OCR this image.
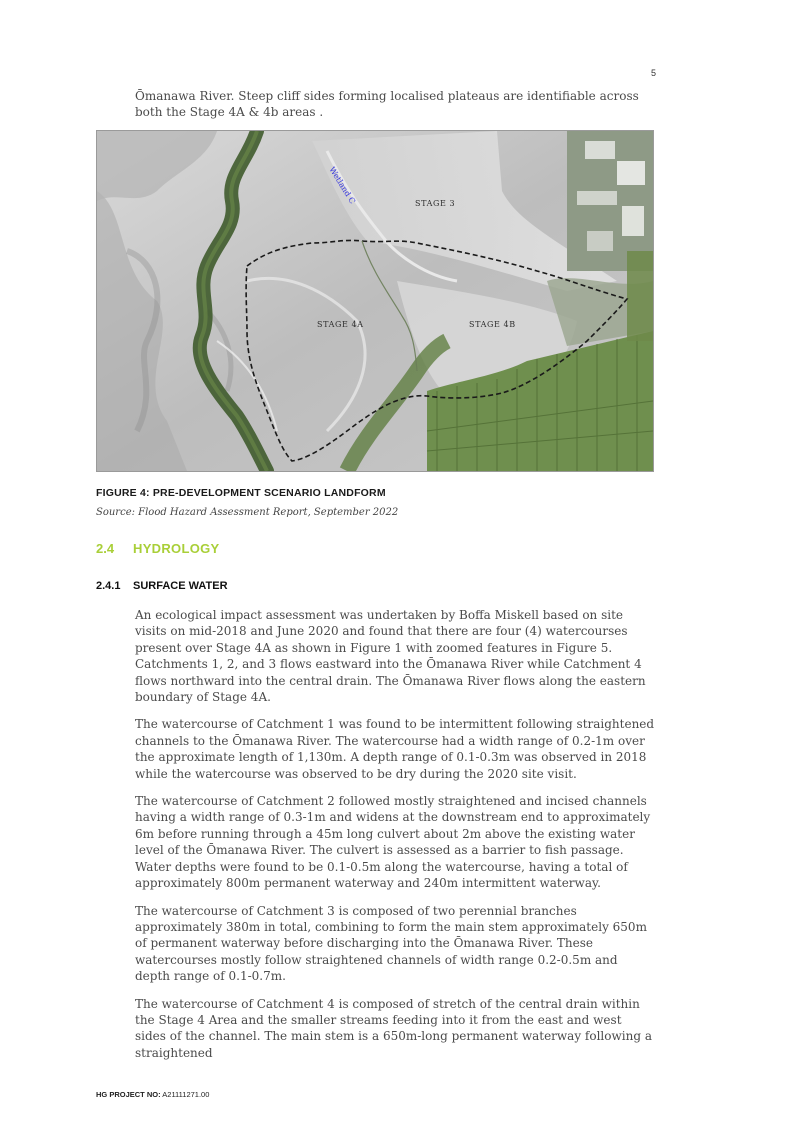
5
Ōmanawa River. Steep cliff sides forming localised plateaus are identifiable across both the Stage 4A & 4b areas .
STAGE 3
STAGE 4A	STAGE 4B
Wetland C
FIGURE 4: PRE-DEVELOPMENT SCENARIO LANDFORM
Source: Flood Hazard Assessment Report, September 2022
2.4 HYDROLOGY
2.4.1 SURFACE WATER

An ecological impact assessment was undertaken by Boffa Miskell based on site visits on mid-2018 and June 2020 and found that there are four (4) watercourses present over Stage 4A as shown in Figure 1 with zoomed features in Figure 5. Catchments 1, 2, and 3 flows eastward into the Ōmanawa River while Catchment 4 flows northward into the central drain. The Ōmanawa River flows along the eastern boundary of Stage 4A.

The watercourse of Catchment 1 was found to be intermittent following straightened channels to the Ōmanawa River. The watercourse had a width range of 0.2-1m over the approximate length of 1,130m. A depth range of 0.1-0.3m was observed in 2018 while the watercourse was observed to be dry during the 2020 site visit.

The watercourse of Catchment 2 followed mostly straightened and incised channels having a width range of 0.3-1m and widens at the downstream end to approximately 6m before running through a 45m long culvert about 2m above the existing water level of the Ōmanawa River. The culvert is assessed as a barrier to fish passage. Water depths were found to be 0.1-0.5m along the watercourse, having a total of approximately 800m permanent waterway and 240m intermittent waterway.

The watercourse of Catchment 3 is composed of two perennial branches approximately 380m in total, combining to form the main stem approximately 650m of permanent waterway before discharging into the Ōmanawa River. These watercourses mostly follow straightened channels of width range 0.2-0.5m and depth range of 0.1-0.7m.

The watercourse of Catchment 4 is composed of stretch of the central drain within the Stage 4 Area and the smaller streams feeding into it from the east and west sides of the channel. The main stem is a 650m-long permanent waterway following a straightened

HG PROJECT NO: A21111271.00
